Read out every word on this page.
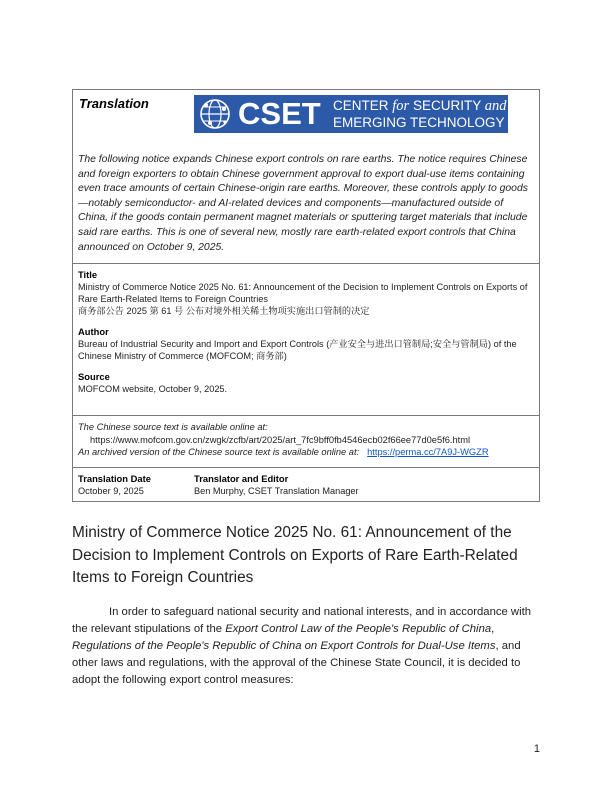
Translation	CSET CENTER for SECURITY and
EMERGING TECHNOLOGY
The following notice expands Chinese export controls on rare earths. The notice requires Chinese and foreign exporters to obtain Chinese government approval to export dual-use items containing even trace amounts of certain Chinese-origin rare earths. Moreover, these controls apply to goods—notably semiconductor- and AI-related devices and components—manufactured outside of China, if the goods contain permanent magnet materials or sputtering target materials that include said rare earths. This is one of several new, mostly rare earth-related export controls that China announced on October 9, 2025.
Title
Ministry of Commerce Notice 2025 No. 61: Announcement of the Decision to Implement Controls on Exports of Rare Earth-Related Items to Foreign Countries
商务部公告 2025 第 61 号 公布对境外相关稀土物项实施出口管制的决定
Author
Bureau of Industrial Security and Import and Export Controls (产业安全与进出口管制局;安全与管制局) of the Chinese Ministry of Commerce (MOFCOM; 商务部)
Source
MOFCOM website, October 9, 2025.
The Chinese source text is available online at:
https://www.mofcom.gov.cn/zwgk/zcfb/art/2025/art_7fc9bff0fb4546ecb02f66ee77d0e5f6.html
An archived version of the Chinese source text is available online at: https://perma.cc/7A9J-WGZR
Translation Date
October 9, 2025
Translator and Editor
Ben Murphy, CSET Translation Manager
Ministry of Commerce Notice 2025 No. 61: Announcement of the Decision to Implement Controls on Exports of Rare Earth-Related Items to Foreign Countries
In order to safeguard national security and national interests, and in accordance with the relevant stipulations of the Export Control Law of the People's Republic of China, Regulations of the People's Republic of China on Export Controls for Dual-Use Items, and other laws and regulations, with the approval of the Chinese State Council, it is decided to adopt the following export control measures:
1
